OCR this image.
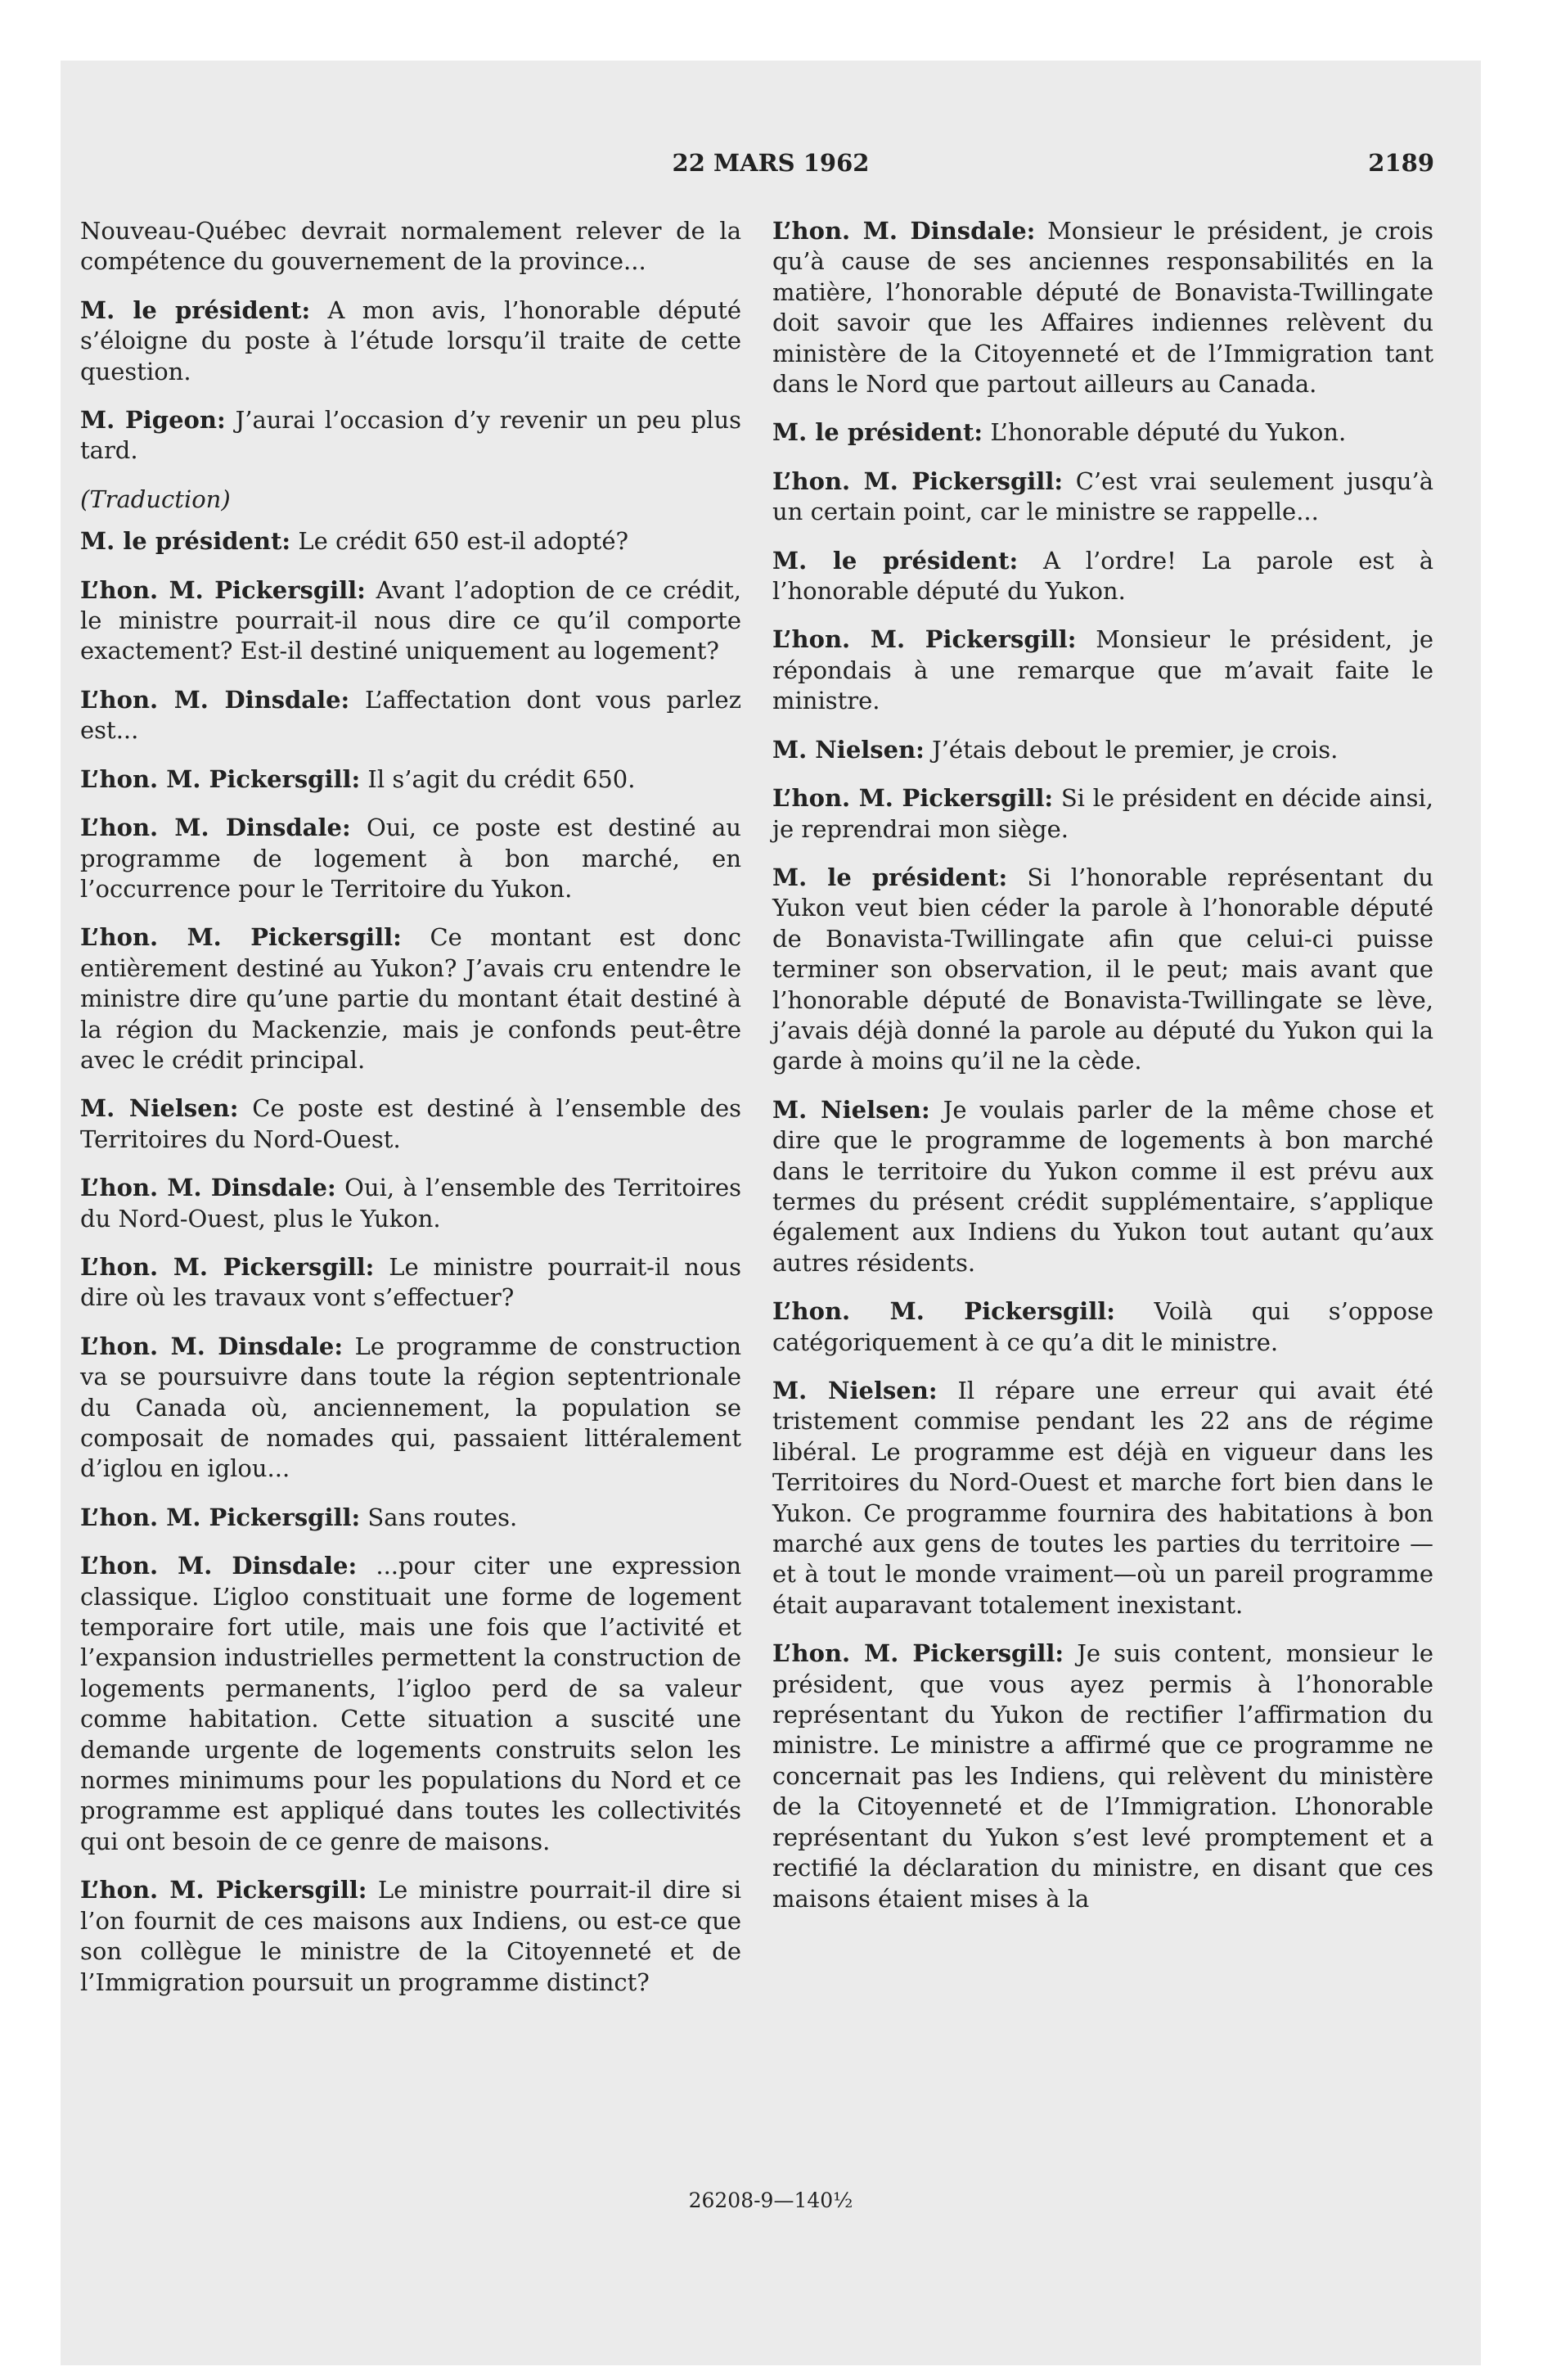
22 MARS 1962	2189

Nouveau-Québec devrait normalement relever de la compétence du gouvernement de la province...

M. le président: A mon avis, l’honorable député s’éloigne du poste à l’étude lorsqu’il traite de cette question.

M. Pigeon: J’aurai l’occasion d’y revenir un peu plus tard.

(Traduction)

M. le président: Le crédit 650 est-il adopté?

L’hon. M. Pickersgill: Avant l’adoption de ce crédit, le ministre pourrait-il nous dire ce qu’il comporte exactement? Est-il destiné uniquement au logement?

L’hon. M. Dinsdale: L’affectation dont vous parlez est...

L’hon. M. Pickersgill: Il s’agit du crédit 650.

L’hon. M. Dinsdale: Oui, ce poste est destiné au programme de logement à bon marché, en l’occurrence pour le Territoire du Yukon.

L’hon. M. Pickersgill: Ce montant est donc entièrement destiné au Yukon? J’avais cru entendre le ministre dire qu’une partie du montant était destiné à la région du Mackenzie, mais je confonds peut-être avec le crédit principal.

M. Nielsen: Ce poste est destiné à l’ensemble des Territoires du Nord-Ouest.

L’hon. M. Dinsdale: Oui, à l’ensemble des Territoires du Nord-Ouest, plus le Yukon.

L’hon. M. Pickersgill: Le ministre pourrait-il nous dire où les travaux vont s’effectuer?

L’hon. M. Dinsdale: Le programme de construction va se poursuivre dans toute la région septentrionale du Canada où, anciennement, la population se composait de nomades qui, passaient littéralement d’iglou en iglou...

L’hon. M. Pickersgill: Sans routes.

L’hon. M. Dinsdale: ...pour citer une expression classique. L’igloo constituait une forme de logement temporaire fort utile, mais une fois que l’activité et l’expansion industrielles permettent la construction de logements permanents, l’igloo perd de sa valeur comme habitation. Cette situation a suscité une demande urgente de logements construits selon les normes minimums pour les populations du Nord et ce programme est appliqué dans toutes les collectivités qui ont besoin de ce genre de maisons.

L’hon. M. Pickersgill: Le ministre pourrait-il dire si l’on fournit de ces maisons aux Indiens, ou est-ce que son collègue le ministre de la Citoyenneté et de l’Immigration poursuit un programme distinct?

L’hon. M. Dinsdale: Monsieur le président, je crois qu’à cause de ses anciennes responsabilités en la matière, l’honorable député de Bonavista-Twillingate doit savoir que les Affaires indiennes relèvent du ministère de la Citoyenneté et de l’Immigration tant dans le Nord que partout ailleurs au Canada.

M. le président: L’honorable député du Yukon.

L’hon. M. Pickersgill: C’est vrai seulement jusqu’à un certain point, car le ministre se rappelle...

M. le président: A l’ordre! La parole est à l’honorable député du Yukon.

L’hon. M. Pickersgill: Monsieur le président, je répondais à une remarque que m’avait faite le ministre.

M. Nielsen: J’étais debout le premier, je crois.

L’hon. M. Pickersgill: Si le président en décide ainsi, je reprendrai mon siège.

M. le président: Si l’honorable représentant du Yukon veut bien céder la parole à l’honorable député de Bonavista-Twillingate afin que celui-ci puisse terminer son observation, il le peut; mais avant que l’honorable député de Bonavista-Twillingate se lève, j’avais déjà donné la parole au député du Yukon qui la garde à moins qu’il ne la cède.

M. Nielsen: Je voulais parler de la même chose et dire que le programme de logements à bon marché dans le territoire du Yukon comme il est prévu aux termes du présent crédit supplémentaire, s’applique également aux Indiens du Yukon tout autant qu’aux autres résidents.

L’hon. M. Pickersgill: Voilà qui s’oppose catégoriquement à ce qu’a dit le ministre.

M. Nielsen: Il répare une erreur qui avait été tristement commise pendant les 22 ans de régime libéral. Le programme est déjà en vigueur dans les Territoires du Nord-Ouest et marche fort bien dans le Yukon. Ce programme fournira des habitations à bon marché aux gens de toutes les parties du territoire —et à tout le monde vraiment—où un pareil programme était auparavant totalement inexistant.

L’hon. M. Pickersgill: Je suis content, monsieur le président, que vous ayez permis à l’honorable représentant du Yukon de rectifier l’affirmation du ministre. Le ministre a affirmé que ce programme ne concernait pas les Indiens, qui relèvent du ministère de la Citoyenneté et de l’Immigration. L’honorable représentant du Yukon s’est levé promptement et a rectifié la déclaration du ministre, en disant que ces maisons étaient mises à la

26208-9—140½
